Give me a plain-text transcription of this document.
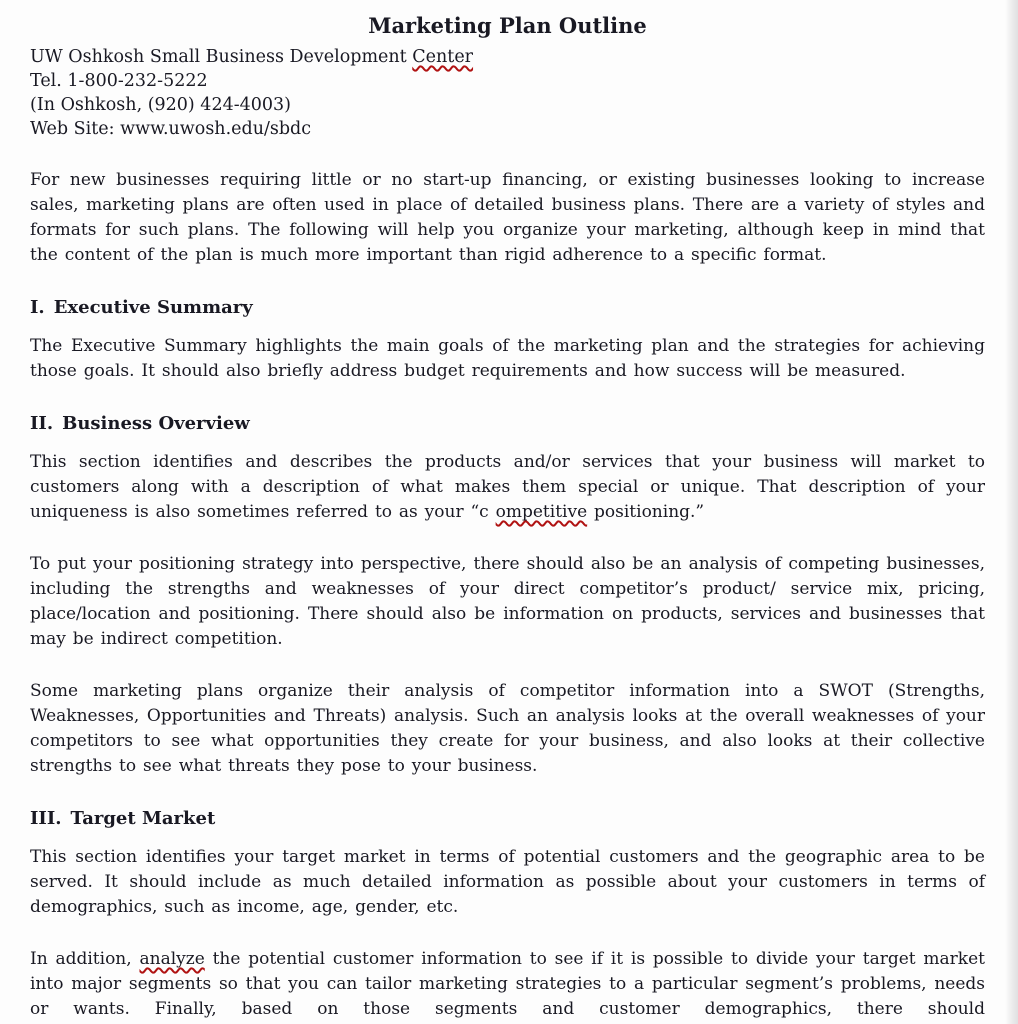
Marketing Plan Outline

UW Oshkosh Small Business Development Center

Tel. 1-800-232-5222

(In Oshkosh, (920) 424-4003)

Web Site: www.uwosh.edu/sbdc

For new businesses requiring little or no start-up financing, or existing businesses looking to increase sales, marketing plans are often used in place of detailed business plans. There are a variety of styles and formats for such plans. The following will help you organize your marketing, although keep in mind that the content of the plan is much more important than rigid adherence to a specific format.

I. Executive Summary

The Executive Summary highlights the main goals of the marketing plan and the strategies for achieving those goals. It should also briefly address budget requirements and how success will be measured.

II. Business Overview

This section identifies and describes the products and/or services that your business will market to customers along with a description of what makes them special or unique. That description of your uniqueness is also sometimes referred to as your “c ompetitive positioning.”

To put your positioning strategy into perspective, there should also be an analysis of competing businesses, including the strengths and weaknesses of your direct competitor’s product/ service mix, pricing, place/location and positioning. There should also be information on products, services and businesses that may be indirect competition.

Some marketing plans organize their analysis of competitor information into a SWOT (Strengths, Weaknesses, Opportunities and Threats) analysis. Such an analysis looks at the overall weaknesses of your competitors to see what opportunities they create for your business, and also looks at their collective strengths to see what threats they pose to your business.

III. Target Market

This section identifies your target market in terms of potential customers and the geographic area to be served. It should include as much detailed information as possible about your customers in terms of demographics, such as income, age, gender, etc.

In addition, analyze the potential customer information to see if it is possible to divide your target market into major segments so that you can tailor marketing strategies to a particular segment’s problems, needs or wants. Finally, based on those segments and customer demographics, there should
